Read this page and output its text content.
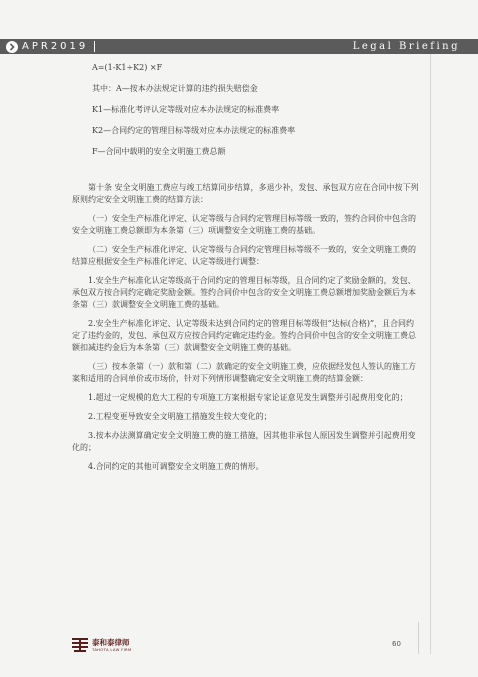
APR2019	Legal Briefing

A=(1-K1÷K2) ×F

其中：A—按本办法规定计算的违约损失赔偿金

K1—标准化考评认定等级对应本办法规定的标准费率

K2—合同约定的管理目标等级对应本办法规定的标准费率

F—合同中载明的安全文明施工费总额

第十条 安全文明施工费应与竣工结算同步结算，多退少补，发包、承包双方应在合同中按下列原则约定安全文明施工费的结算方法：

（一）安全生产标准化评定、认定等级与合同约定管理目标等级一致的，签约合同价中包含的安全文明施工费总额即为本条第（三）项调整安全文明施工费的基础。

（二）安全生产标准化评定、认定等级与合同约定管理目标等级不一致的，安全文明施工费的结算应根据安全生产标准化评定、认定等级进行调整：

1.安全生产标准化认定等级高于合同约定的管理目标等级，且合同约定了奖励金额的，发包、承包双方按合同约定确定奖励金额。签约合同价中包含的安全文明施工费总额增加奖励金额后为本条第（三）款调整安全文明施工费的基础。

2.安全生产标准化评定、认定等级未达到合同约定的管理目标等级但“达标(合格)”，且合同约定了违约金的，发包、承包双方应按合同约定确定违约金。签约合同价中包含的安全文明施工费总额扣减违约金后为本条第（三）款调整安全文明施工费的基础。

（三）按本条第（一）款和第（二）款确定的安全文明施工费，应依据经发包人签认的施工方案和适用的合同单价或市场价，针对下列情形调整确定安全文明施工费的结算金额：

1.超过一定规模的危大工程的专项施工方案根据专家论证意见发生调整并引起费用变化的；

2.工程变更导致安全文明施工措施发生较大变化的；

3.按本办法测算确定安全文明施工费的施工措施，因其他非承包人原因发生调整并引起费用变化的；

4.合同约定的其他可调整安全文明施工费的情形。

泰和泰律师
TAHOTA LAW FIRM
60
